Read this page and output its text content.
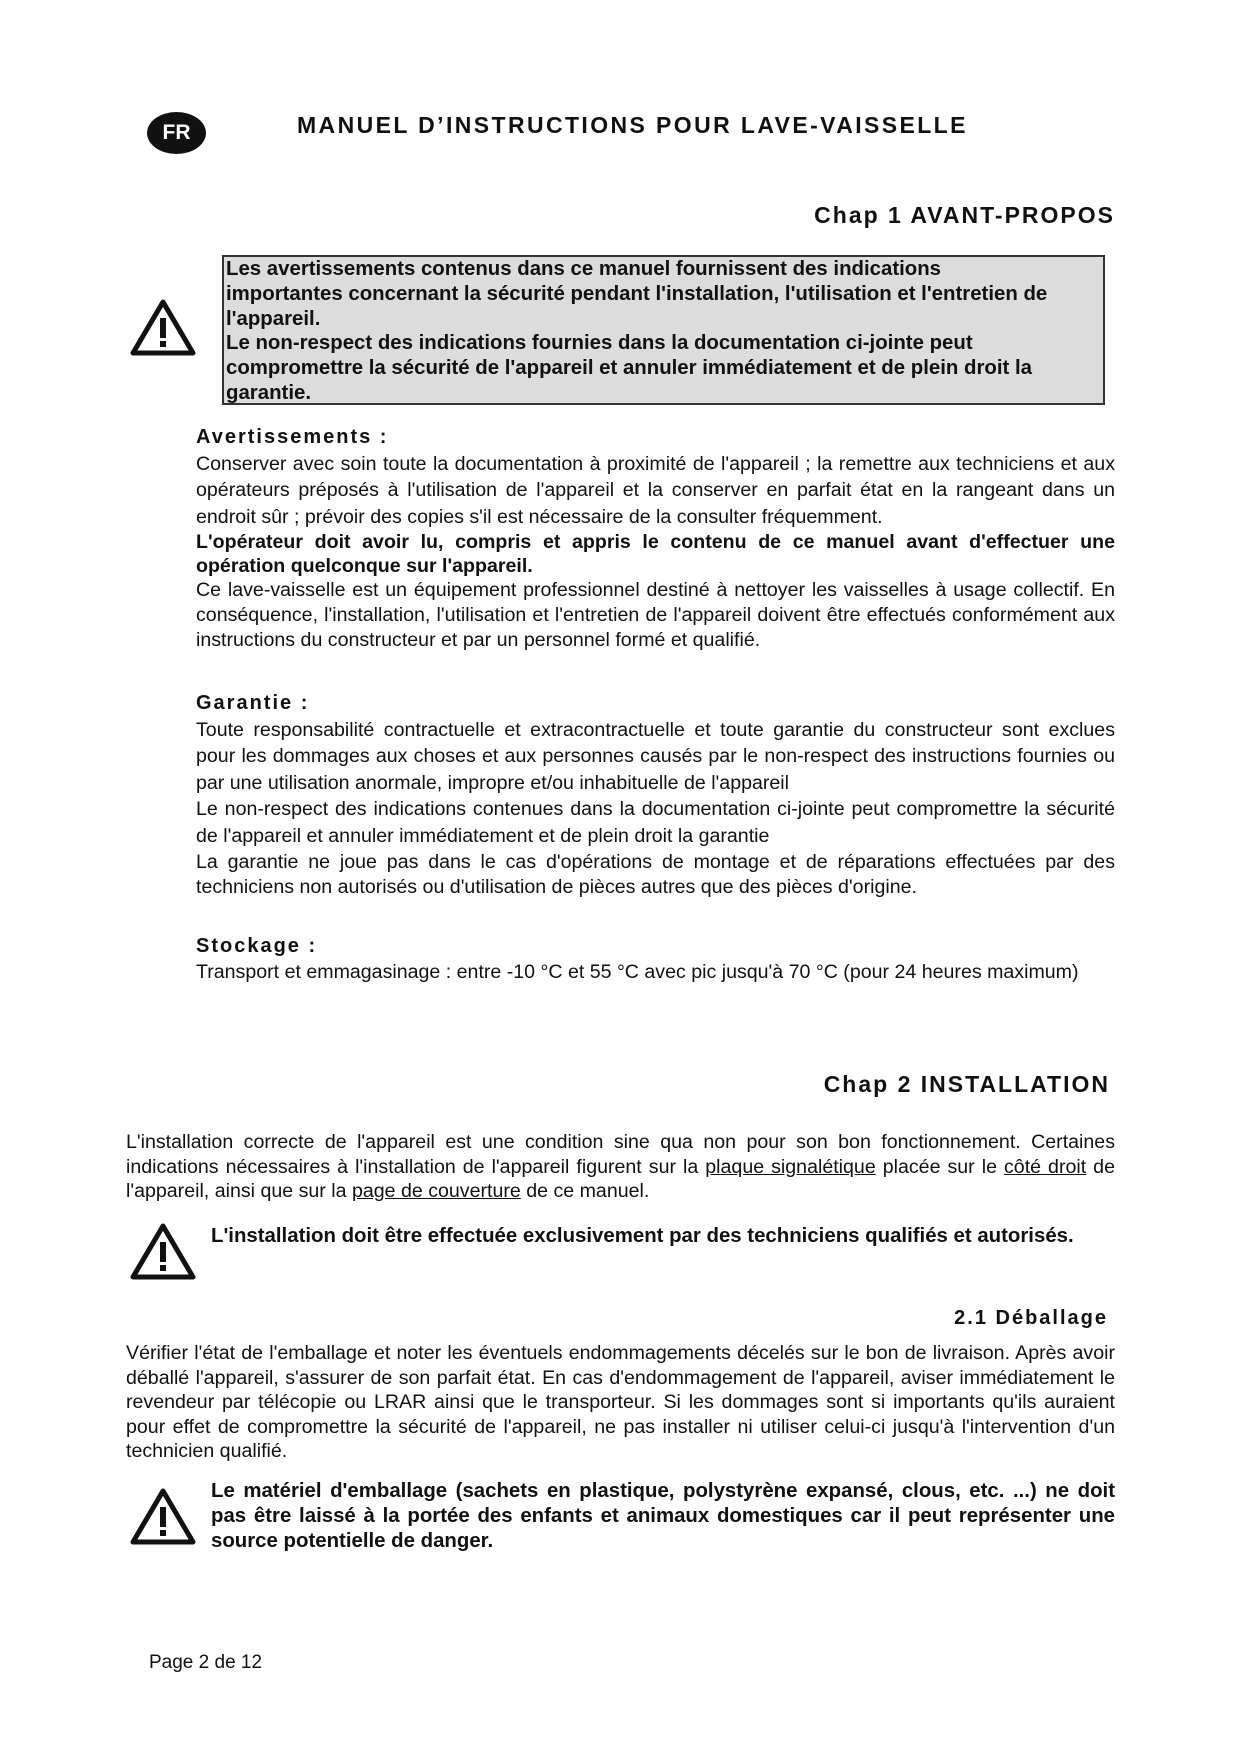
FR	MANUEL D’INSTRUCTIONS POUR LAVE-VAISSELLE
Chap 1 AVANT-PROPOS
Les avertissements contenus dans ce manuel fournissent des indications
importantes concernant la sécurité pendant l'installation, l'utilisation et l'entretien de
l'appareil.
Le non-respect des indications fournies dans la documentation ci-jointe peut
compromettre la sécurité de l'appareil et annuler immédiatement et de plein droit la
garantie.
Avertissements :

Conserver avec soin toute la documentation à proximité de l'appareil ; la remettre aux techniciens et aux opérateurs préposés à l'utilisation de l'appareil et la conserver en parfait état en la rangeant dans un endroit sûr ; prévoir des copies s'il est nécessaire de la consulter fréquemment.

L'opérateur doit avoir lu, compris et appris le contenu de ce manuel avant d'effectuer une opération quelconque sur l'appareil.

Ce lave-vaisselle est un équipement professionnel destiné à nettoyer les vaisselles à usage collectif. En conséquence, l'installation, l'utilisation et l'entretien de l'appareil doivent être effectués conformément aux instructions du constructeur et par un personnel formé et qualifié.

Garantie :

Toute responsabilité contractuelle et extracontractuelle et toute garantie du constructeur sont exclues pour les dommages aux choses et aux personnes causés par le non-respect des instructions fournies ou par une utilisation anormale, impropre et/ou inhabituelle de l'appareil

Le non-respect des indications contenues dans la documentation ci-jointe peut compromettre la sécurité de l'appareil et annuler immédiatement et de plein droit la garantie

La garantie ne joue pas dans le cas d'opérations de montage et de réparations effectuées par des techniciens non autorisés ou d'utilisation de pièces autres que des pièces d'origine.

Stockage :

Transport et emmagasinage : entre -10 °C et 55 °C avec pic jusqu'à 70 °C (pour 24 heures maximum)

Chap 2 INSTALLATION

L'installation correcte de l'appareil est une condition sine qua non pour son bon fonctionnement. Certaines indications nécessaires à l'installation de l'appareil figurent sur la plaque signalétique placée sur le côté droit de l'appareil, ainsi que sur la page de couverture de ce manuel.

L'installation doit être effectuée exclusivement par des techniciens qualifiés et autorisés.
2.1 Déballage

Vérifier l'état de l'emballage et noter les éventuels endommagements décelés sur le bon de livraison. Après avoir déballé l'appareil, s'assurer de son parfait état. En cas d'endommagement de l'appareil, aviser immédiatement le revendeur par télécopie ou LRAR ainsi que le transporteur. Si les dommages sont si importants qu'ils auraient pour effet de compromettre la sécurité de l'appareil, ne pas installer ni utiliser celui-ci jusqu'à l'intervention d'un technicien qualifié.

Le matériel d'emballage (sachets en plastique, polystyrène expansé, clous, etc. ...) ne doit pas être laissé à la portée des enfants et animaux domestiques car il peut représenter une source potentielle de danger.
Page 2 de 12
